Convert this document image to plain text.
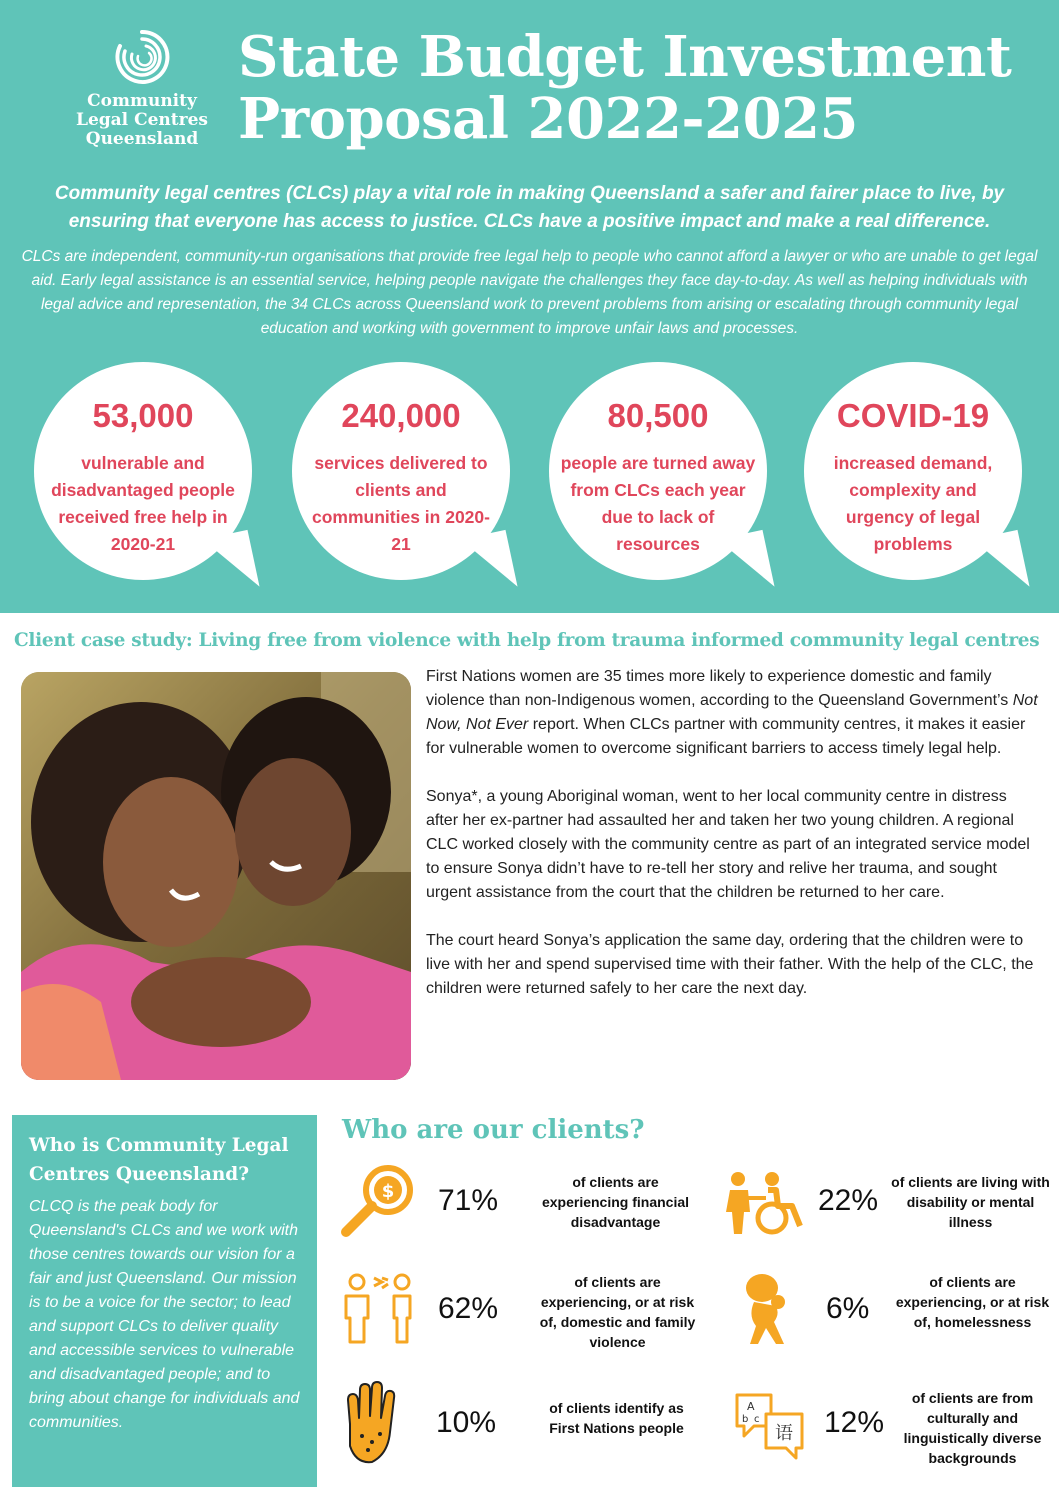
Community
Legal Centres
Queensland
State Budget Investment
Proposal 2022-2025

Community legal centres (CLCs) play a vital role in making Queensland a safer and fairer place to live, by ensuring that everyone has access to justice. CLCs have a positive impact and make a real difference.

CLCs are independent, community-run organisations that provide free legal help to people who cannot afford a lawyer or who are unable to get legal aid. Early legal assistance is an essential service, helping people navigate the challenges they face day-to-day. As well as helping individuals with legal advice and representation, the 34 CLCs across Queensland work to prevent problems from arising or escalating through community legal education and working with government to improve unfair laws and processes.

53,000
vulnerable and disadvantaged people received free help in 2020-21
240,000
services delivered to clients and communities in 2020-21
80,500
people are turned away from CLCs each year due to lack of resources
COVID-19
increased demand, complexity and urgency of legal problems
Client case study: Living free from violence with help from trauma informed community legal centres

First Nations women are 35 times more likely to experience domestic and family violence than non-Indigenous women, according to the Queensland Government’s Not Now, Not Ever report. When CLCs partner with community centres, it makes it easier for vulnerable women to overcome significant barriers to access timely legal help.

Sonya*, a young Aboriginal woman, went to her local community centre in distress after her ex-partner had assaulted her and taken her two young children. A regional CLC worked closely with the community centre as part of an integrated service model to ensure Sonya didn’t have to re-tell her story and relive her trauma, and sought urgent assistance from the court that the children be returned to her care.

The court heard Sonya’s application the same day, ordering that the children were to live with her and spend supervised time with their father. With the help of the CLC, the children were returned safely to her care the next day.

Who is Community Legal Centres Queensland?

CLCQ is the peak body for Queensland's CLCs and we work with those centres towards our vision for a fair and just Queensland. Our mission is to be a voice for the sector; to lead and support CLCs to deliver quality and accessible services to vulnerable and disadvantaged people; and to bring about change for individuals and communities.

Who are our clients?
$ 71%
of clients are experiencing financial disadvantage
22%
of clients are living with disability or mental illness
62%
of clients are experiencing, or at risk of, domestic and family violence
6%
of clients are experiencing, or at risk of, homelessness
10%	of clients identify as First Nations people
A
b c
语 12%
of clients are from culturally and linguistically diverse backgrounds
